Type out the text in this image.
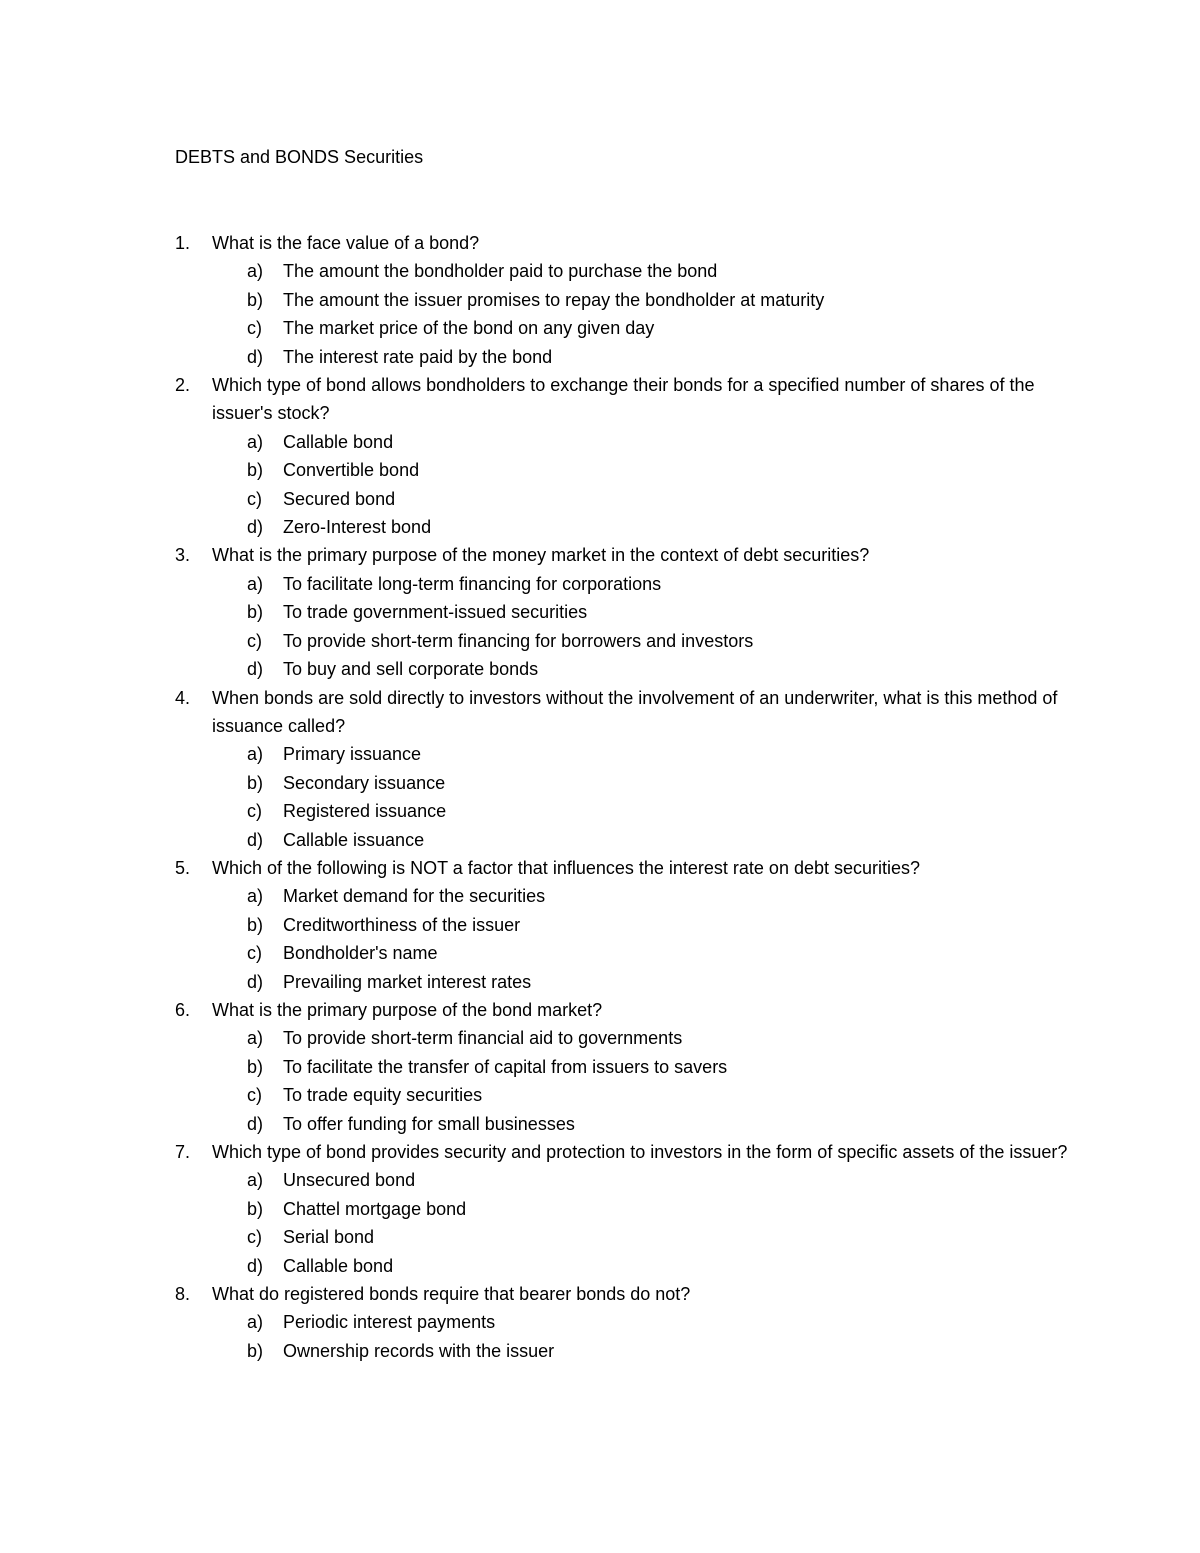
DEBTS and BONDS Securities
1.	What is the face value of a bond?
a)	The amount the bondholder paid to purchase the bond
b)	The amount the issuer promises to repay the bondholder at maturity
c)	The market price of the bond on any given day
d)	The interest rate paid by the bond
2.	Which type of bond allows bondholders to exchange their bonds for a specified number of shares of the issuer's stock?
a)	Callable bond
b)	Convertible bond
c)	Secured bond
d)	Zero-Interest bond
3.	What is the primary purpose of the money market in the context of debt securities?
a)	To facilitate long-term financing for corporations
b)	To trade government-issued securities
c)	To provide short-term financing for borrowers and investors
d)	To buy and sell corporate bonds
4.	When bonds are sold directly to investors without the involvement of an underwriter, what is this method of issuance called?
a)	Primary issuance
b)	Secondary issuance
c)	Registered issuance
d)	Callable issuance
5.	Which of the following is NOT a factor that influences the interest rate on debt securities?
a)	Market demand for the securities
b)	Creditworthiness of the issuer
c)	Bondholder's name
d)	Prevailing market interest rates
6.	What is the primary purpose of the bond market?
a)	To provide short-term financial aid to governments
b)	To facilitate the transfer of capital from issuers to savers
c)	To trade equity securities
d)	To offer funding for small businesses
7.	Which type of bond provides security and protection to investors in the form of specific assets of the issuer?
a)	Unsecured bond
b)	Chattel mortgage bond
c)	Serial bond
d)	Callable bond
8.	What do registered bonds require that bearer bonds do not?
a)	Periodic interest payments
b)	Ownership records with the issuer
